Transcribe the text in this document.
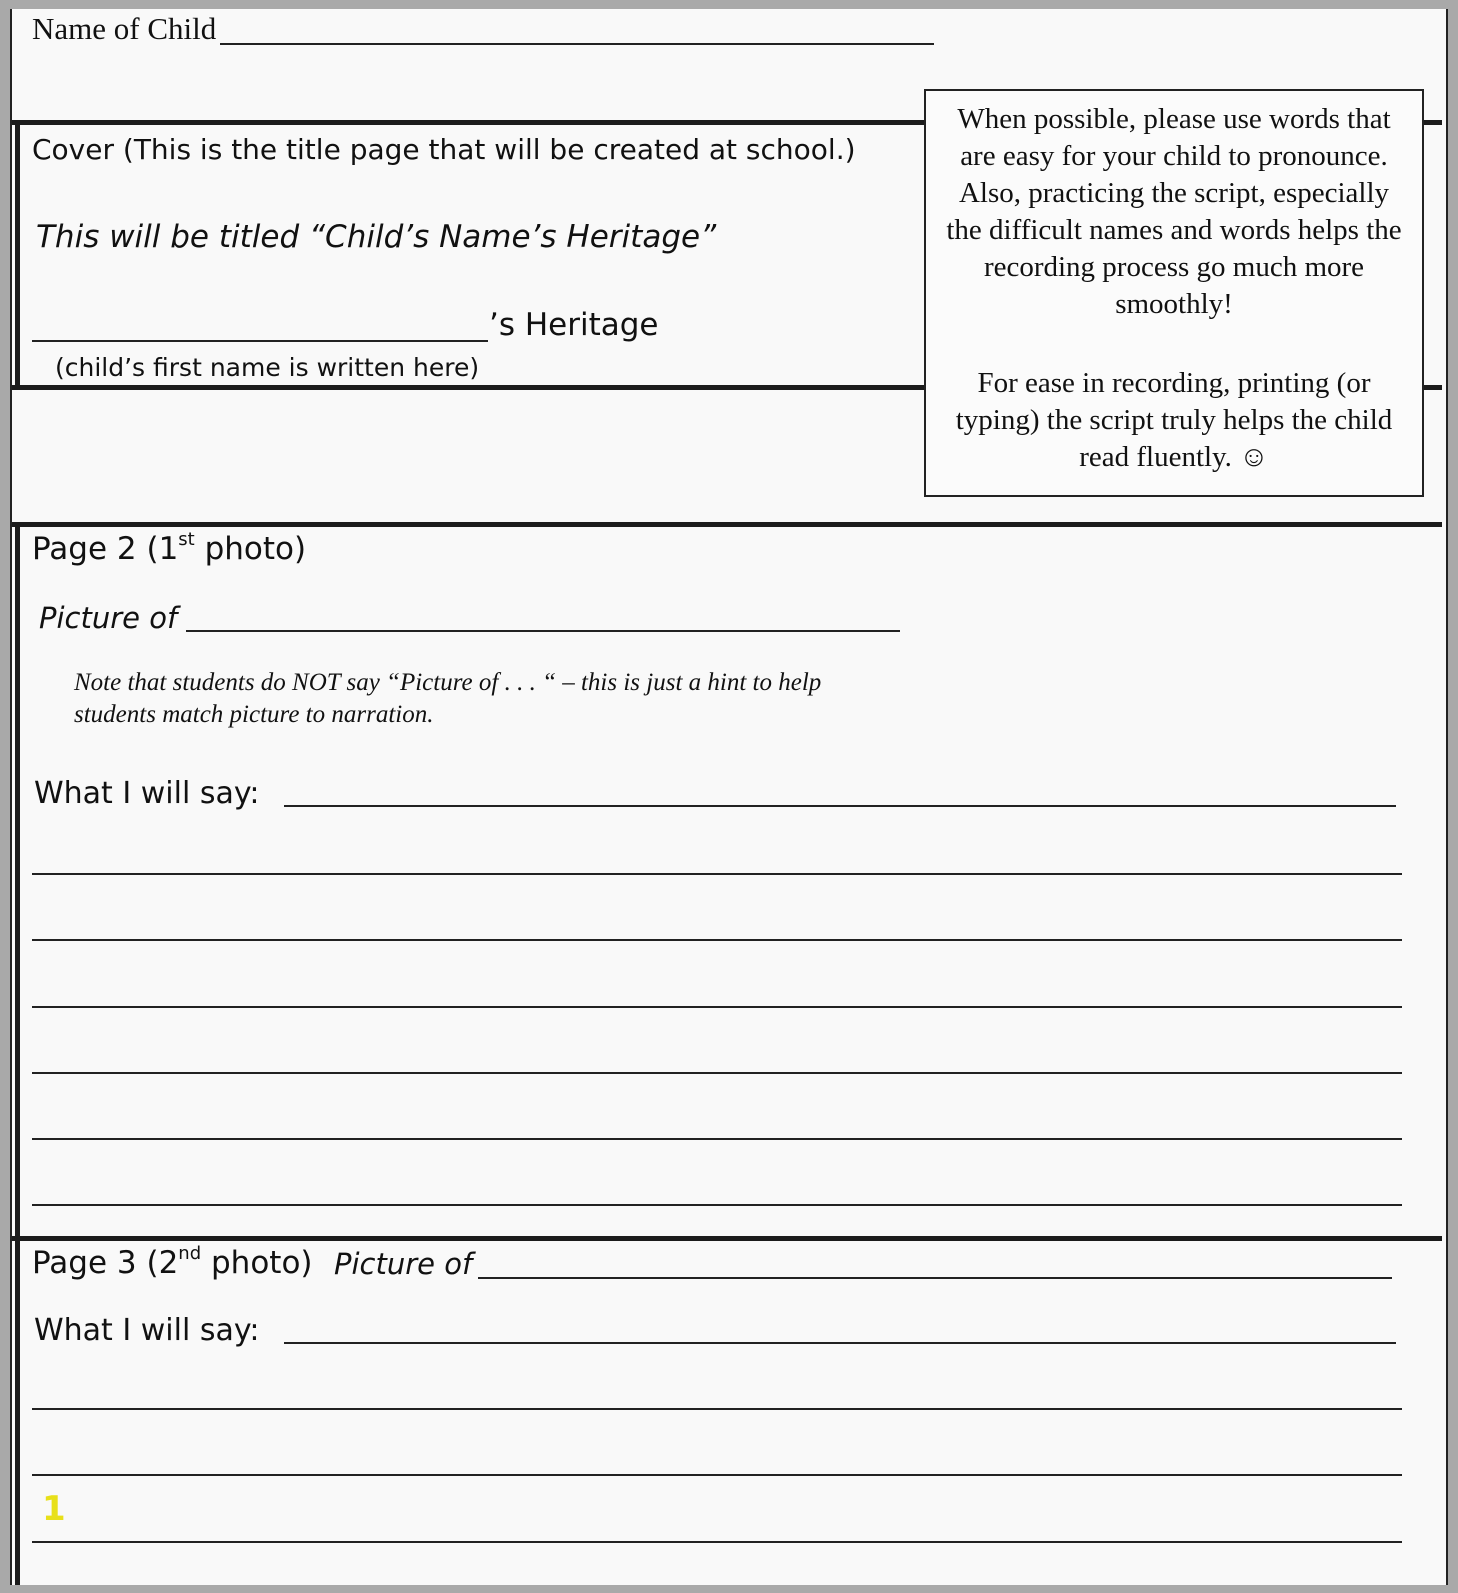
Name of Child
Cover (This is the title page that will be created at school.)
This will be titled “Child’s Name’s Heritage”
’s Heritage
(child’s first name is written here)

When possible, please use words that are easy for your child to pronounce. Also, practicing the script, especially the difficult names and words helps the recording process go much more smoothly!

For ease in recording, printing (or typing) the script truly helps the child read fluently. ☺

Page 2 (1st photo)
Picture of
Note that students do NOT say “Picture of . . . “ – this is just a hint to help
students match picture to narration.
What I will say:
Page 3 (2nd photo) Picture of
What I will say:
1
